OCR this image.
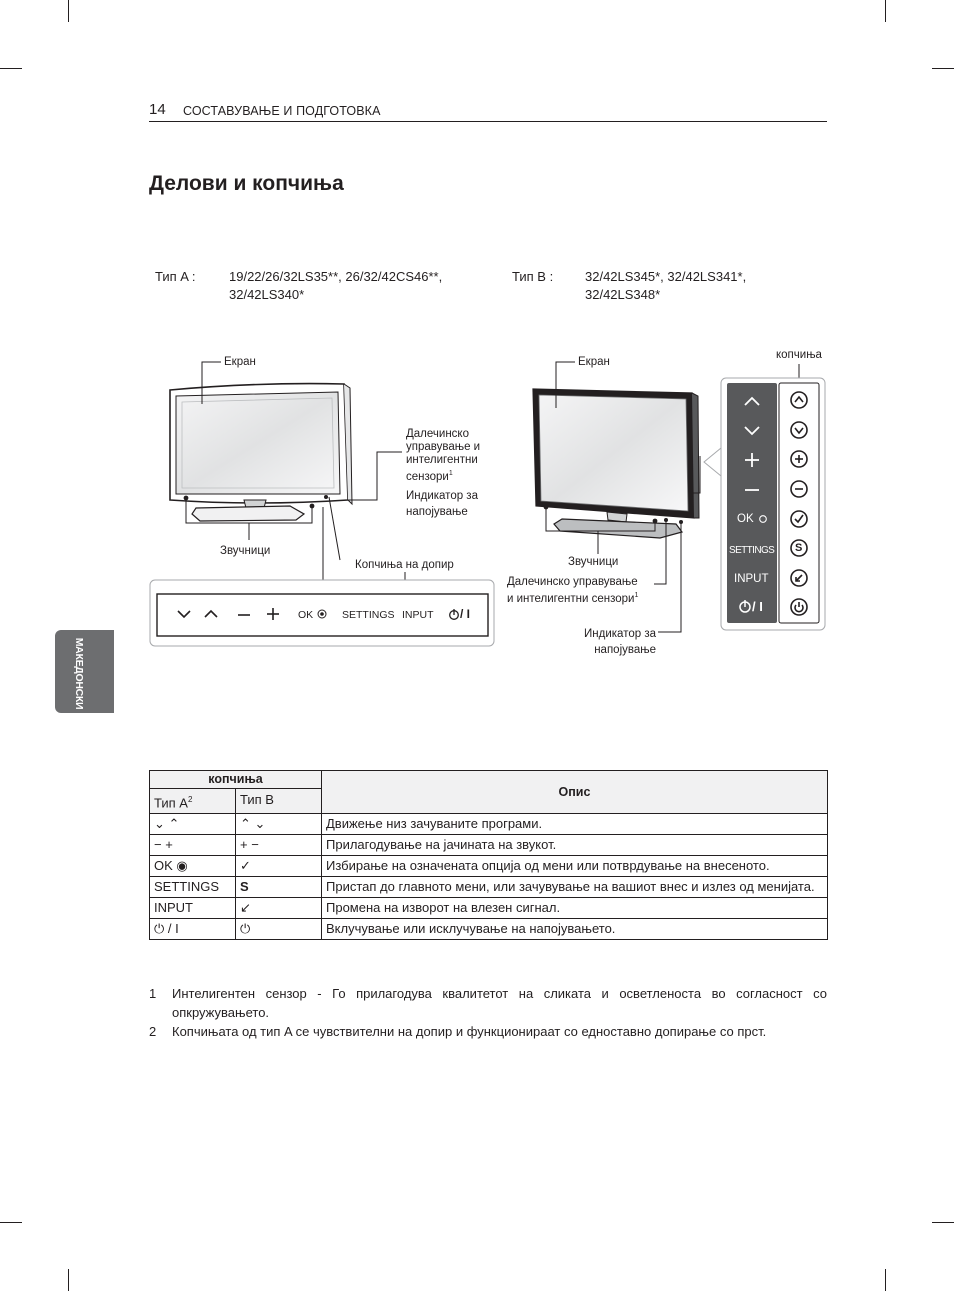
14 СОСТАВУВАЊЕ И ПОДГОТОВКА
Делови и копчиња
Тип A :	19/22/26/32LS35**, 26/32/42CS46**,
32/42LS340*
Тип B : 32/42LS345*, 32/42LS341*,
32/42LS348*
МАКЕДОНСКИ
Екран
Далечинско
управување и
интелигентни
сензори$^1$
Индикатор за
напојување
Звучници
Копчиња на допир
OK	SETTINGS INPUT / I
Екран
копчиња
Звучници
Далечинско управување
и интелигентни сензори$^1$
Индикатор за
напојување
OK
SETTINGS
INPUT
/ I
S
копчиња		Опис
Тип $A^2$	Тип B	
⌄ ⌃	⌃ ⌄	Движење низ зачуваните програми.
− +	+ −	Прилагодување на јачината на звукот.
OK ◉	✓	Избирање на означената опција од мени или потврдување на внесеното.
SETTINGS	S	Пристап до главното мени, или зачувување на вашиот внес и излез од менијата.
INPUT	↙	Промена на изворот на влезен сигнал.
⏻ / I	⏻	Вклучување или исклучување на напојувањето.
1 Интелигентен сензор - Го прилагодува квалитетот на сликата и осветленоста во согласност со опкружувањето.
2 Копчињата од тип A се чувствителни на допир и функционираат со едноставно допирање со прст.
